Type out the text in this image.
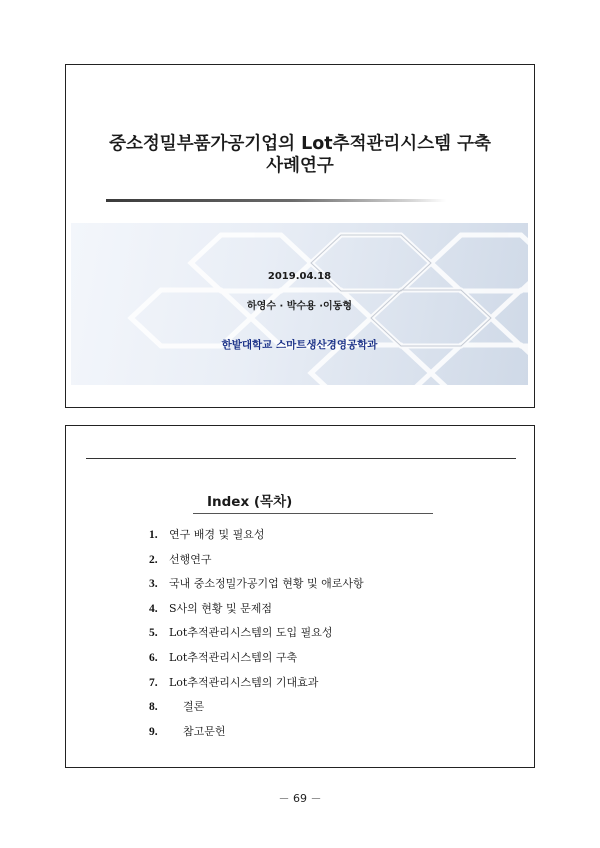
중소정밀부품가공기업의 Lot추적관리시스템 구축
사례연구
2019.04.18
하영수 · 박수용 ·이동형
한밭대학교 스마트생산경영공학과
Index (목차)
1. 연구 배경 및 필요성
2. 선행연구
3. 국내 중소정밀가공기업 현황 및 애로사항
4. S사의 현황 및 문제점
5. Lot추적관리시스템의 도입 필요성
6. Lot추적관리시스템의 구축
7. Lot추적관리시스템의 기대효과
8. 결론
9. 참고문헌
－ 69 －
